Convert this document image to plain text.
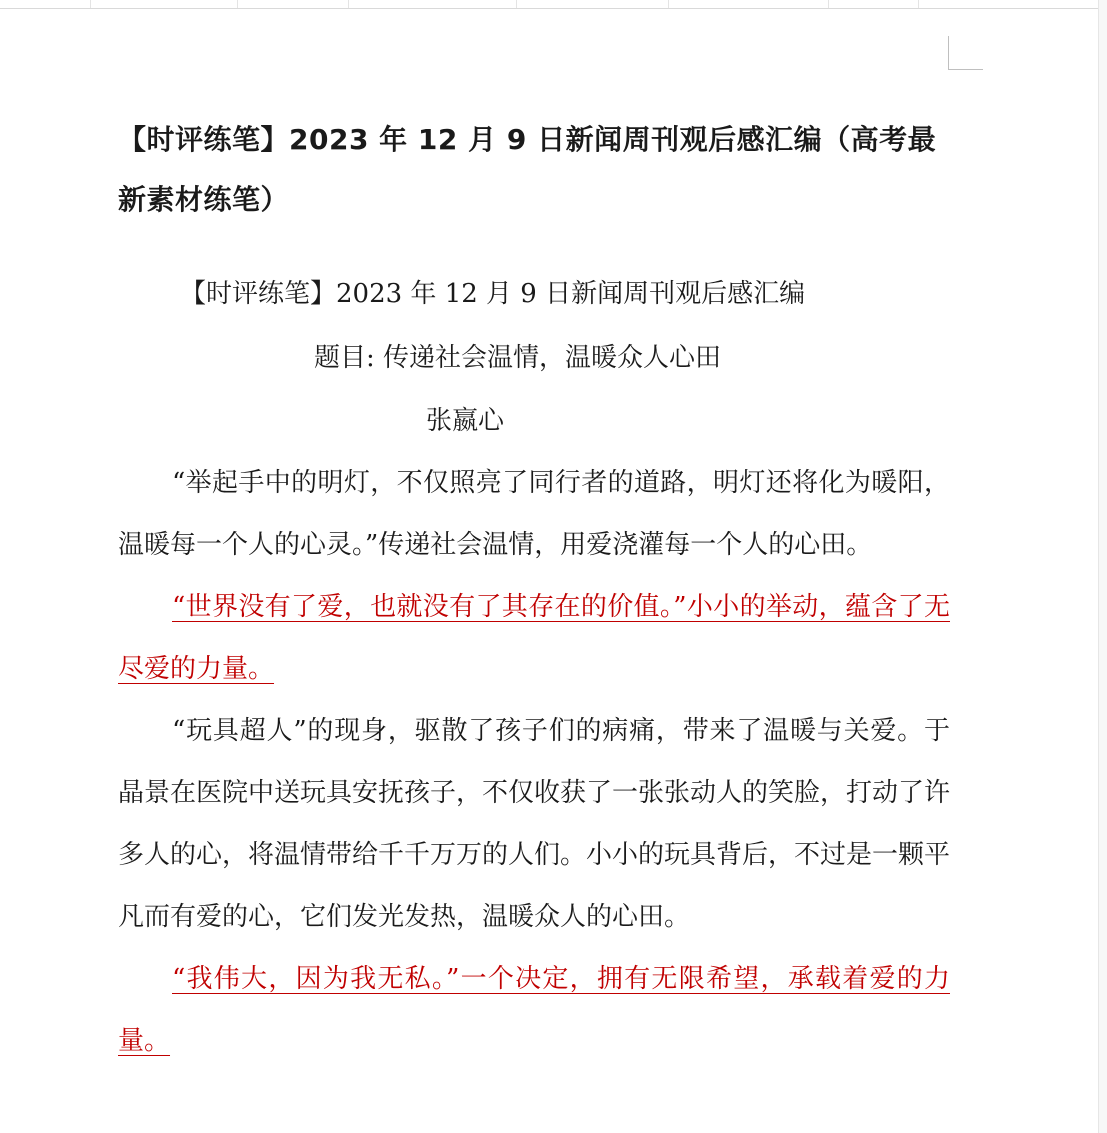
【时评练笔】2023 年 12 月 9 日新闻周刊观后感汇编（高考最新素材练笔）

【时评练笔】2023 年 12 月 9 日新闻周刊观后感汇编

题目: 传递社会温情，温暖众人心田

张嬴心

“举起手中的明灯，不仅照亮了同行者的道路，明灯还将化为暖阳，温暖每一个人的心灵。”传递社会温情，用爱浇灌每一个人的心田。

“世界没有了爱，也就没有了其存在的价值。”小小的举动，蕴含了无尽爱的力量。

“玩具超人”的现身，驱散了孩子们的病痛，带来了温暖与关爱。于晶景在医院中送玩具安抚孩子，不仅收获了一张张动人的笑脸，打动了许多人的心，将温情带给千千万万的人们。小小的玩具背后，不过是一颗平凡而有爱的心，它们发光发热，温暖众人的心田。

“我伟大，因为我无私。”一个决定，拥有无限希望，承载着爱的力量。
